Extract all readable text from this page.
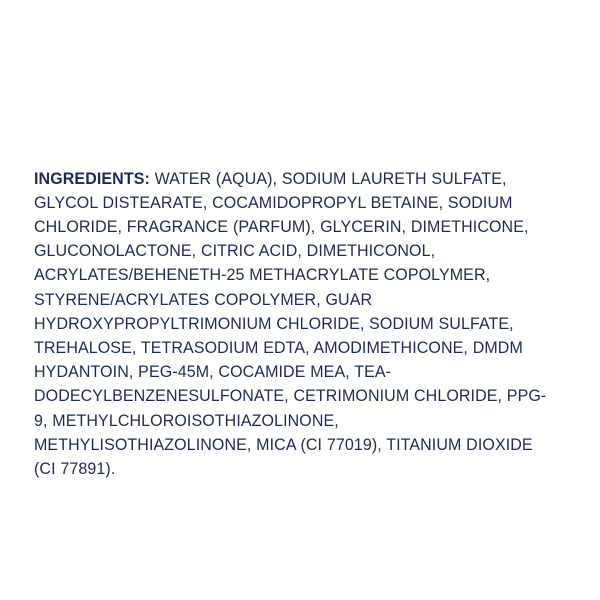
INGREDIENTS: WATER (AQUA), SODIUM LAURETH SULFATE, GLYCOL DISTEARATE, COCAMIDOPROPYL BETAINE, SODIUM CHLORIDE, FRAGRANCE (PARFUM), GLYCERIN, DIMETHICONE, GLUCONOLACTONE, CITRIC ACID, DIMETHICONOL, ACRYLATES/BEHENETH-25 METHACRYLATE COPOLYMER, STYRENE/ACRYLATES COPOLYMER, GUAR HYDROXYPROPYLTRIMONIUM CHLORIDE, SODIUM SULFATE, TREHALOSE, TETRASODIUM EDTA, AMODIMETHICONE, DMDM HYDANTOIN, PEG-45M, COCAMIDE MEA, TEA-DODECYLBENZENESULFONATE, CETRIMONIUM CHLORIDE, PPG-9, METHYLCHLOROISOTHIAZOLINONE, METHYLISOTHIAZOLINONE, MICA (CI 77019), TITANIUM DIOXIDE (CI 77891).
